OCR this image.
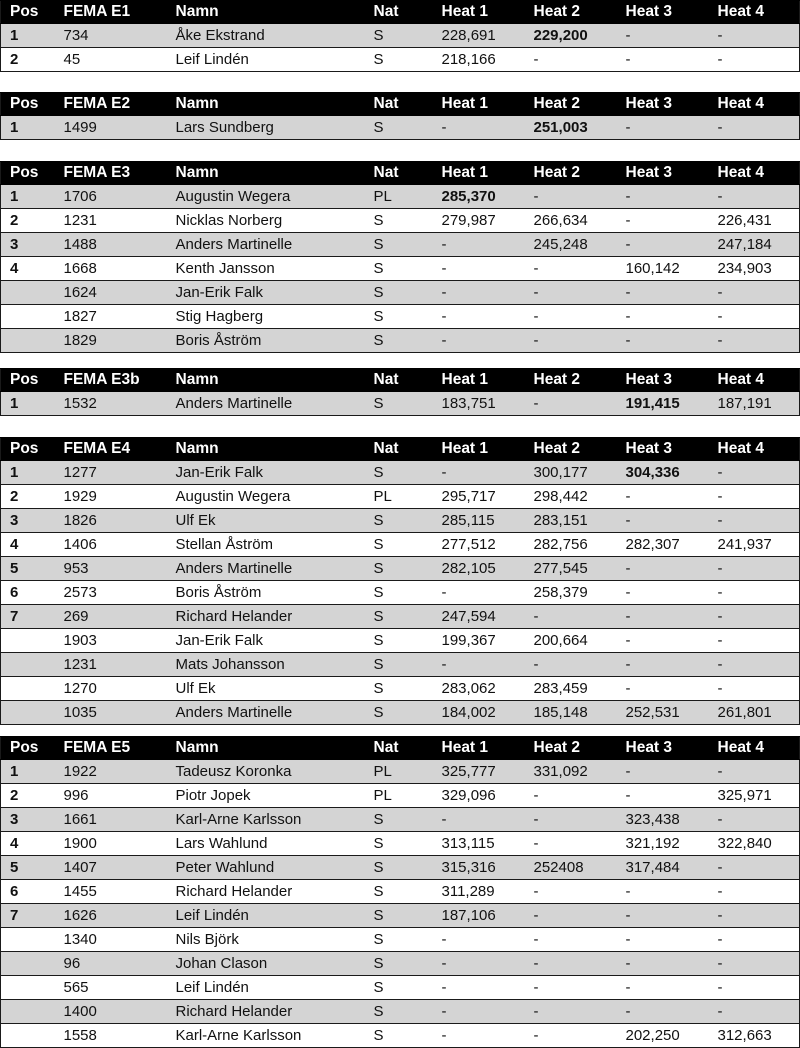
Pos	FEMA E1	Namn	Nat	Heat 1	Heat 2	Heat 3	Heat 4
1	734	Åke Ekstrand	S	228,691	229,200	-	-
2	45	Leif Lindén	S	218,166	-	-	-
Pos	FEMA E2	Namn	Nat	Heat 1	Heat 2	Heat 3	Heat 4
1	1499	Lars Sundberg	S	-	251,003	-	-
Pos	FEMA E3	Namn	Nat	Heat 1	Heat 2	Heat 3	Heat 4
1	1706	Augustin Wegera	PL	285,370	-	-	-
2	1231	Nicklas Norberg	S	279,987	266,634	-	226,431
3	1488	Anders Martinelle	S	-	245,248	-	247,184
4	1668	Kenth Jansson	S	-	-	160,142	234,903
	1624	Jan-Erik Falk	S	-	-	-	-
	1827	Stig Hagberg	S	-	-	-	-
	1829	Boris Åström	S	-	-	-	-
Pos	FEMA E3b	Namn	Nat	Heat 1	Heat 2	Heat 3	Heat 4
1	1532	Anders Martinelle	S	183,751	-	191,415	187,191
Pos	FEMA E4	Namn	Nat	Heat 1	Heat 2	Heat 3	Heat 4
1	1277	Jan-Erik Falk	S	-	300,177	304,336	-
2	1929	Augustin Wegera	PL	295,717	298,442	-	-
3	1826	Ulf Ek	S	285,115	283,151	-	-
4	1406	Stellan Åström	S	277,512	282,756	282,307	241,937
5	953	Anders Martinelle	S	282,105	277,545	-	-
6	2573	Boris Åström	S	-	258,379	-	-
7	269	Richard Helander	S	247,594	-	-	-
	1903	Jan-Erik Falk	S	199,367	200,664	-	-
	1231	Mats Johansson	S	-	-	-	-
	1270	Ulf Ek	S	283,062	283,459	-	-
	1035	Anders Martinelle	S	184,002	185,148	252,531	261,801
Pos	FEMA E5	Namn	Nat	Heat 1	Heat 2	Heat 3	Heat 4
1	1922	Tadeusz Koronka	PL	325,777	331,092	-	-
2	996	Piotr Jopek	PL	329,096	-	-	325,971
3	1661	Karl-Arne Karlsson	S	-	-	323,438	-
4	1900	Lars Wahlund	S	313,115	-	321,192	322,840
5	1407	Peter Wahlund	S	315,316	252408	317,484	-
6	1455	Richard Helander	S	311,289	-	-	-
7	1626	Leif Lindén	S	187,106	-	-	-
	1340	Nils Björk	S	-	-	-	-
	96	Johan Clason	S	-	-	-	-
	565	Leif Lindén	S	-	-	-	-
	1400	Richard Helander	S	-	-	-	-
	1558	Karl-Arne Karlsson	S	-	-	202,250	312,663
